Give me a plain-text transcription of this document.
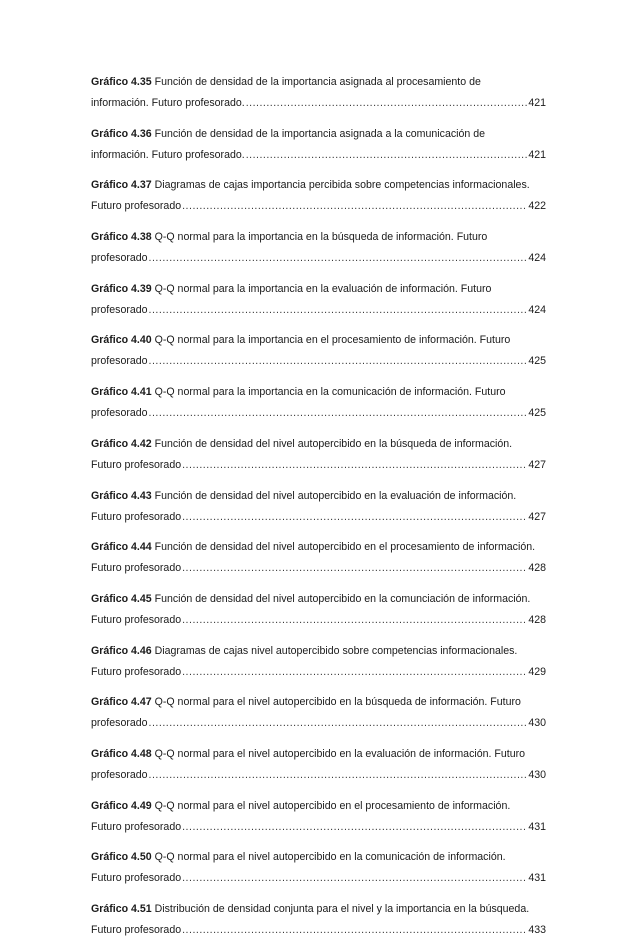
Gráfico 4.35 Función de densidad de la importancia asignada al procesamiento de
información. Futuro profesorado. .....	421
Gráfico 4.36 Función de densidad de la importancia asignada a la comunicación de
información. Futuro profesorado. .....	421
Gráfico 4.37 Diagramas de cajas importancia percibida sobre competencias informacionales.
Futuro profesorado .....	422
Gráfico 4.38 Q-Q normal para la importancia en la búsqueda de información. Futuro
profesorado .....	424
Gráfico 4.39 Q-Q normal para la importancia en la evaluación de información. Futuro
profesorado .....	424
Gráfico 4.40 Q-Q normal para la importancia en el procesamiento de información. Futuro
profesorado .....	425
Gráfico 4.41 Q-Q normal para la importancia en la comunicación de información. Futuro
profesorado .....	425
Gráfico 4.42 Función de densidad del nivel autopercibido en la búsqueda de información.
Futuro profesorado .....	427
Gráfico 4.43 Función de densidad del nivel autopercibido en la evaluación de información.
Futuro profesorado .....	427
Gráfico 4.44 Función de densidad del nivel autopercibido en el procesamiento de información.
Futuro profesorado .....	428
Gráfico 4.45 Función de densidad del nivel autopercibido en la comunciación de información.
Futuro profesorado .....	428
Gráfico 4.46 Diagramas de cajas nivel autopercibido sobre competencias informacionales.
Futuro profesorado .....	429
Gráfico 4.47 Q-Q normal para el nivel autopercibido en la búsqueda de información. Futuro
profesorado .....	430
Gráfico 4.48 Q-Q normal para el nivel autopercibido en la evaluación de información. Futuro
profesorado .....	430
Gráfico 4.49 Q-Q normal para el nivel autopercibido en el procesamiento de información.
Futuro profesorado .....	431
Gráfico 4.50 Q-Q normal para el nivel autopercibido en la comunicación de información.
Futuro profesorado .....	431
Gráfico 4.51 Distribución de densidad conjunta para el nivel y la importancia en la búsqueda.
Futuro profesorado .....	433
